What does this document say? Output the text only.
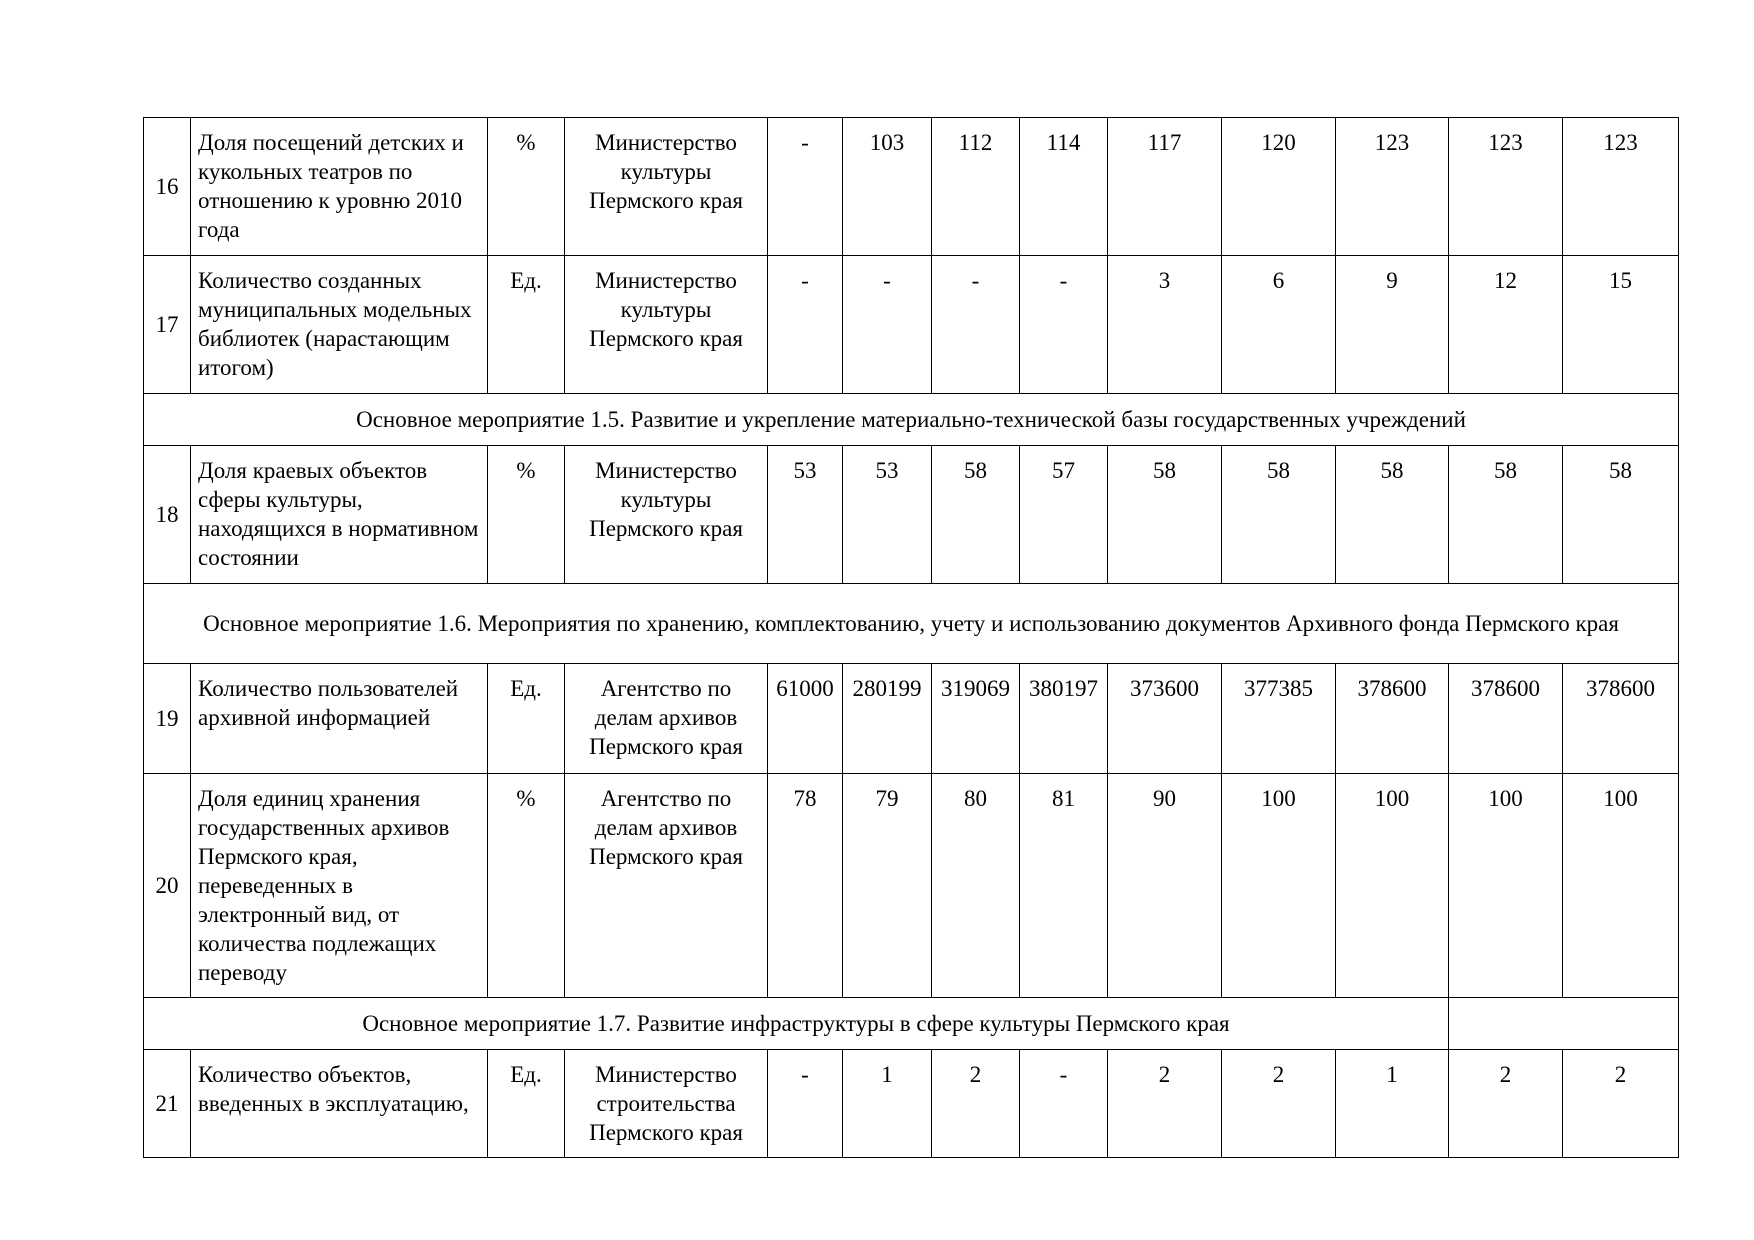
16	Доля посещений детских и кукольных театров по отношению к уровню 2010 года	%	Министерство культуры Пермского края	-	103	112	114	117	120	123	123	123
17	Количество созданных муниципальных модельных библиотек (нарастающим итогом)	Ед.	Министерство культуры Пермского края	-	-	-	-	3	6	9	12	15
Основное мероприятие 1.5. Развитие и укрепление материально-технической базы государственных учреждений												
18	Доля краевых объектов сферы культуры, находящихся в нормативном состоянии	%	Министерство культуры Пермского края	53	53	58	57	58	58	58	58	58
Основное мероприятие 1.6. Мероприятия по хранению, комплектованию, учету и использованию документов Архивного фонда Пермского края												
19	Количество пользователей архивной информацией	Ед.	Агентство по делам архивов Пермского края	61000	280199	319069	380197	373600	377385	378600	378600	378600
20	Доля единиц хранения государственных архивов Пермского края, переведенных в электронный вид, от количества подлежащих переводу	%	Агентство по делам архивов Пермского края	78	79	80	81	90	100	100	100	100
Основное мероприятие 1.7. Развитие инфраструктуры в сфере культуры Пермского края												
21	Количество объектов, введенных в эксплуатацию,	Ед.	Министерство строительства Пермского края	-	1	2	-	2	2	1	2	2
